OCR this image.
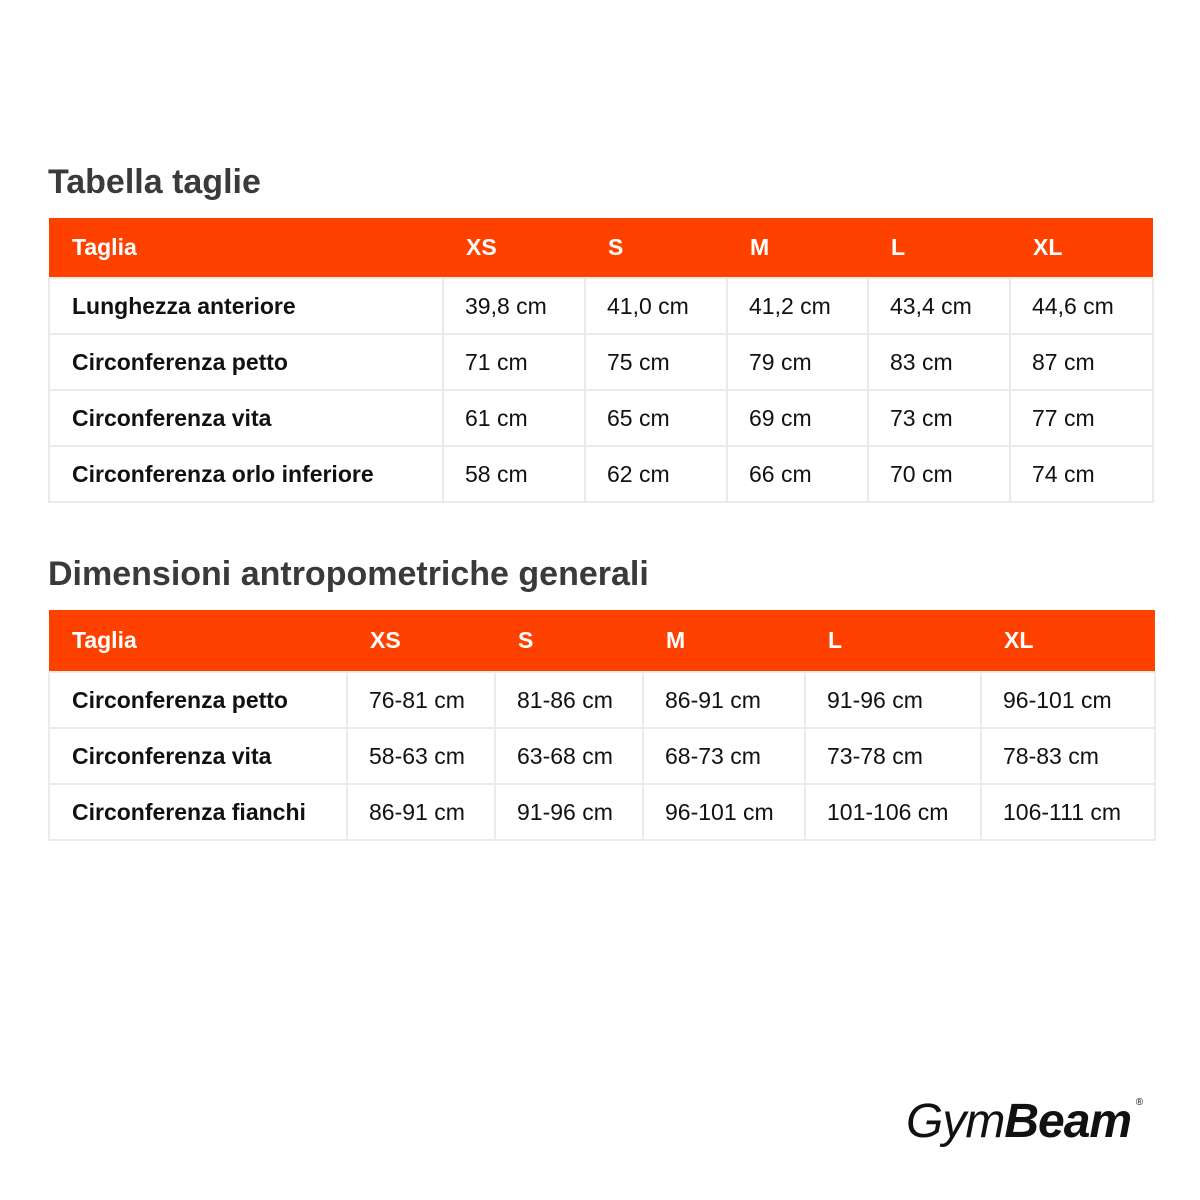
Tabella taglie
Taglia	XS	S	M	L	XL
Lunghezza anteriore	39,8 cm	41,0 cm	41,2 cm	43,4 cm	44,6 cm
Circonferenza petto	71 cm	75 cm	79 cm	83 cm	87 cm
Circonferenza vita	61 cm	65 cm	69 cm	73 cm	77 cm
Circonferenza orlo inferiore	58 cm	62 cm	66 cm	70 cm	74 cm
Dimensioni antropometriche generali
Taglia	XS	S	M	L	XL
Circonferenza petto	76-81 cm	81-86 cm	86-91 cm	91-96 cm	96-101 cm
Circonferenza vita	58-63 cm	63-68 cm	68-73 cm	73-78 cm	78-83 cm
Circonferenza fianchi	86-91 cm	91-96 cm	96-101 cm	101-106 cm	106-111 cm
GymBeam ®
